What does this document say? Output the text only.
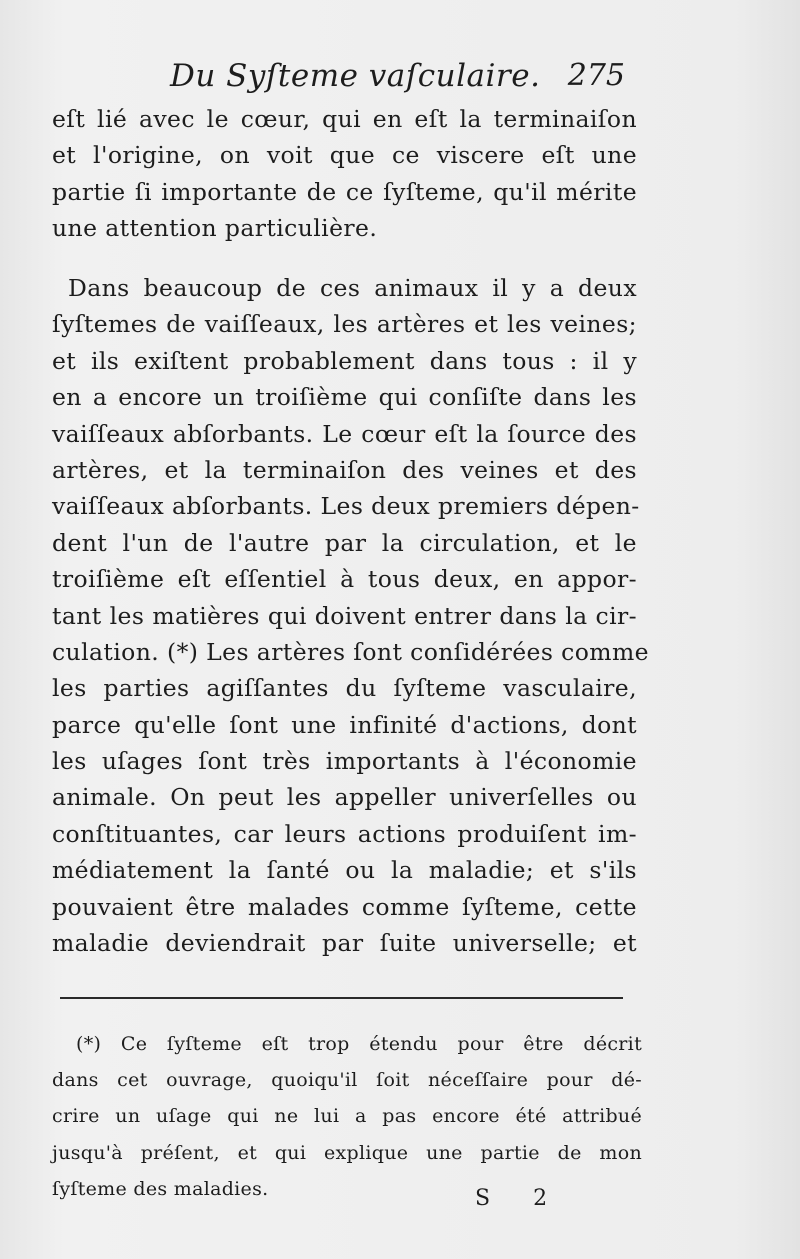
Du Syſteme vaſculaire. 275
eſt lié avec le cœur, qui en eſt la terminaiſon
et l'origine, on voit que ce viscere eſt une
partie ſi importante de ce ſyſteme, qu'il mérite
une attention particulière.
Dans beaucoup de ces animaux il y a deux
ſyſtemes de vaiſſeaux, les artères et les veines;
et ils exiſtent probablement dans tous : il y
en a encore un troiſième qui conſiſte dans les
vaiſſeaux abſorbants. Le cœur eſt la ſource des
artères, et la terminaiſon des veines et des
vaiſſeaux abſorbants. Les deux premiers dépen-
dent l'un de l'autre par la circulation, et le
troiſième eſt eſſentiel à tous deux, en appor-
tant les matières qui doivent entrer dans la cir-
culation. (*) Les artères ſont conſidérées comme
les parties agiſſantes du ſyſteme vasculaire,
parce qu'elle ſont une infinité d'actions, dont
les uſages ſont très importants à l'économie
animale. On peut les appeller univerſelles ou
conſtituantes, car leurs actions produiſent im-
médiatement la ſanté ou la maladie; et s'ils
pouvaient être malades comme ſyſteme, cette
maladie deviendrait par ſuite universelle; et
(*) Ce ſyſteme eſt trop étendu pour être décrit
dans cet ouvrage, quoiqu'il ſoit néceſſaire pour dé-
crire un uſage qui ne lui a pas encore été attribué
jusqu'à préſent, et qui explique une partie de mon
ſyſteme des maladies.	S 2
